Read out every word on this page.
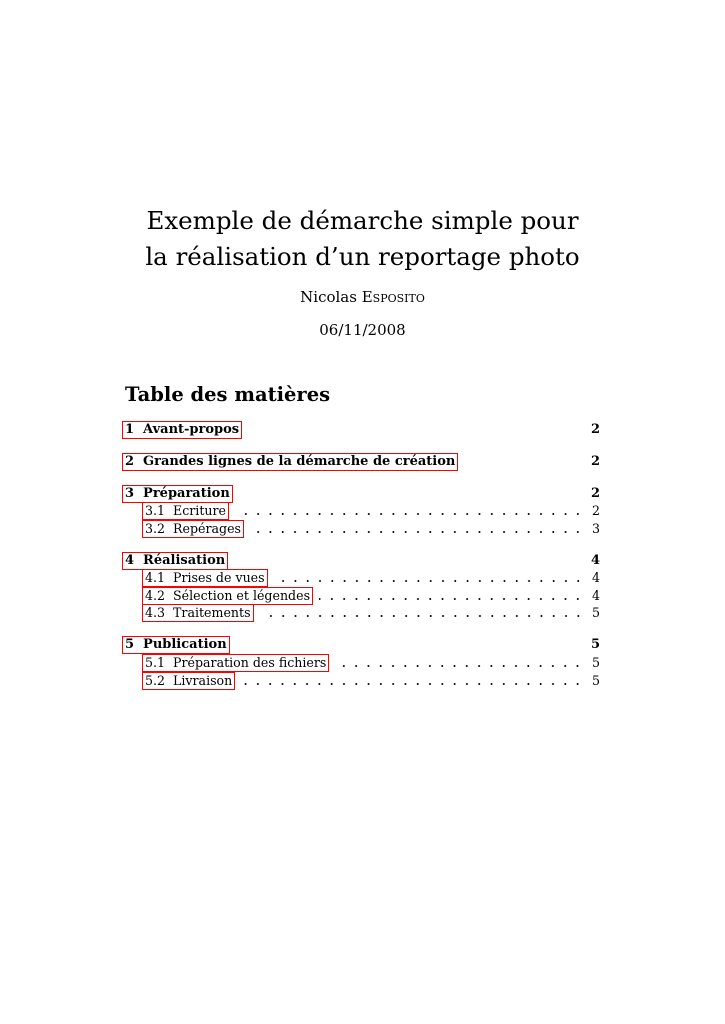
Exemple de démarche simple pour
la réalisation d’un reportage photo
Nicolas Esposito
06/11/2008
Table des matières
1 Avant-propos	2
2 Grandes lignes de la démarche de création	2
3 Préparation	2
3.1 Ecriture	2
3.2 Repérages	3
4 Réalisation	4
4.1 Prises de vues	4
4.2 Sélection et légendes	4
4.3 Traitements	5
5 Publication	5
5.1 Préparation des fichiers	5
5.2 Livraison	5
